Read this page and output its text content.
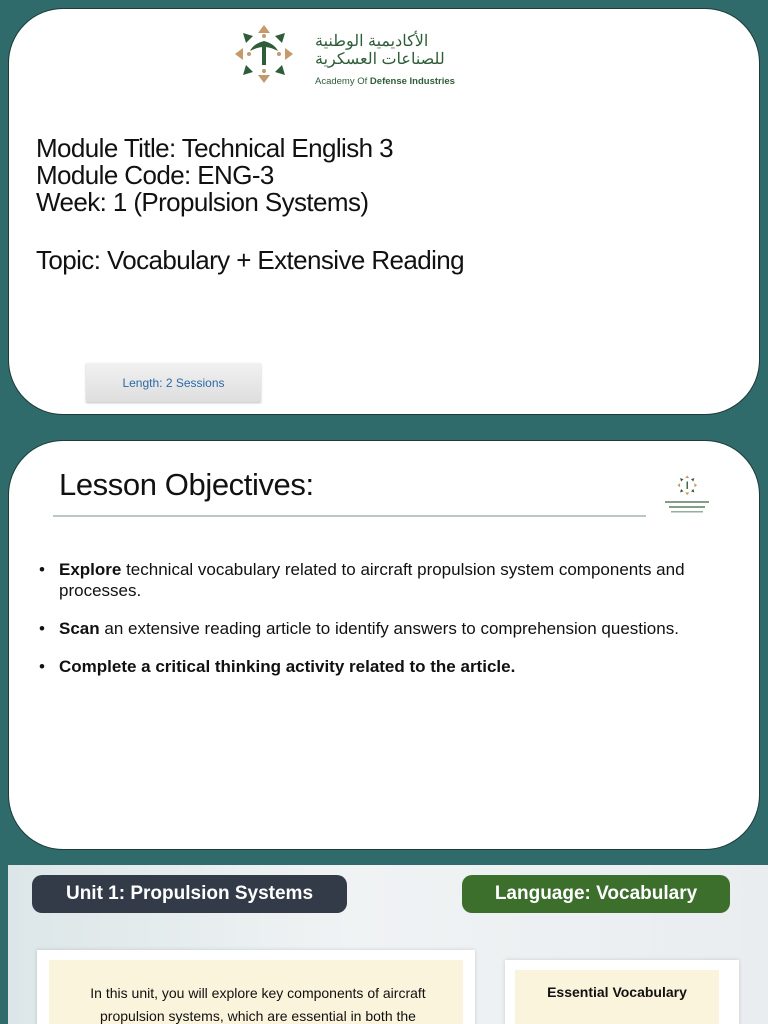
الأكاديمية الوطنية
للصناعات العسكرية
Academy Of Defense Industries
Module Title: Technical English 3
Module Code: ENG-3
Week: 1 (Propulsion Systems)
Topic: Vocabulary + Extensive Reading
Length: 2 Sessions
Lesson Objectives:
• Explore technical vocabulary related to aircraft propulsion system components and processes.
• Scan an extensive reading article to identify answers to comprehension questions.
• Complete a critical thinking activity related to the article.
Unit 1: Propulsion Systems	Language: Vocabulary
In this unit, you will explore key components of aircraft propulsion systems, which are essential in both the
Essential Vocabulary
